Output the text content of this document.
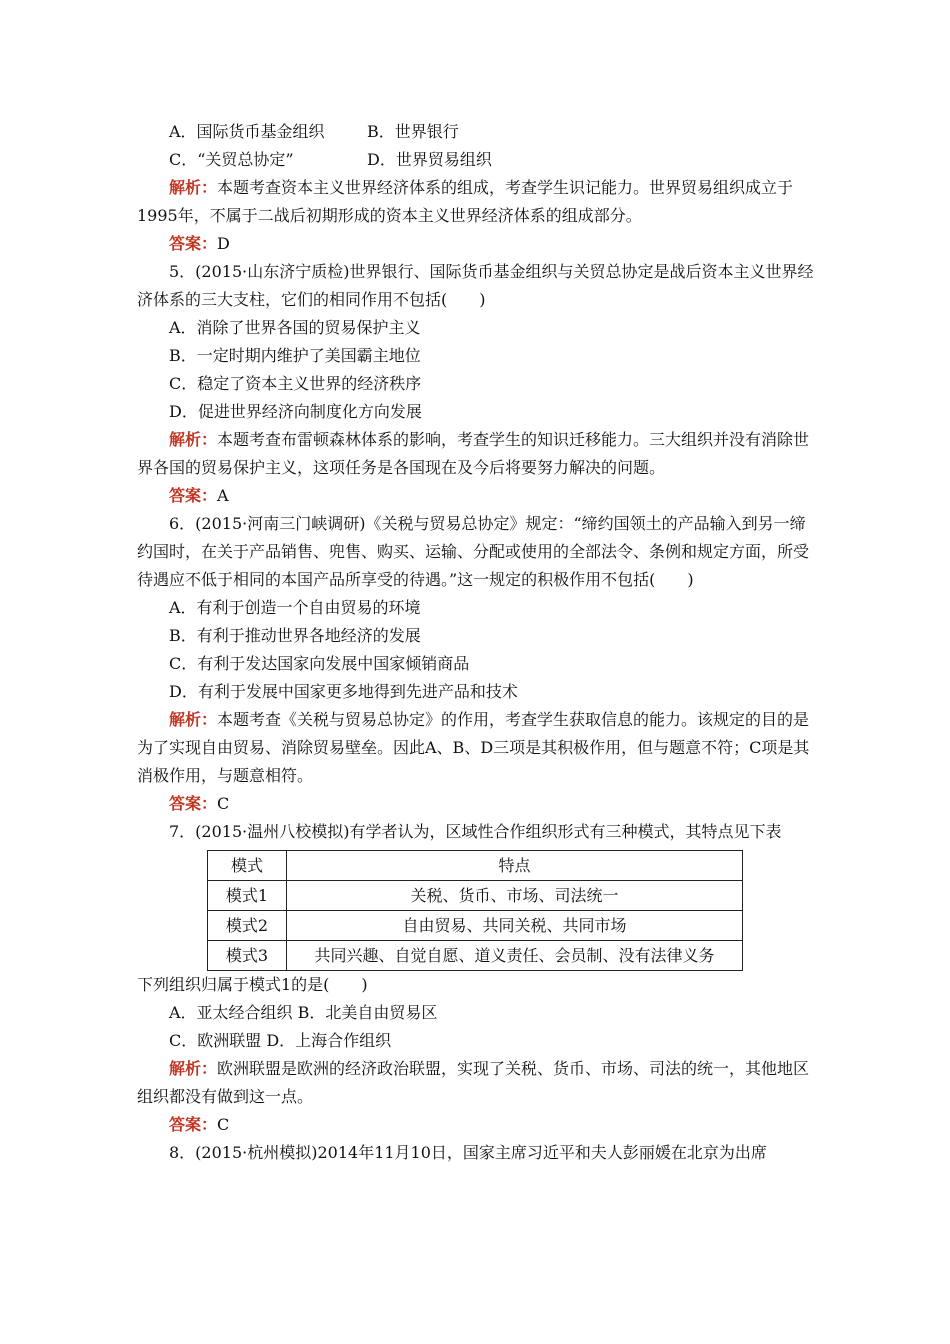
A．国际货币基金组织	B．世界银行
C．“关贸总协定”	D．世界贸易组织
解析：本题考查资本主义世界经济体系的组成，考查学生识记能力。世界贸易组织成立于1995年，不属于二战后初期形成的资本主义世界经济体系的组成部分。
答案：D
5．(2015·山东济宁质检)世界银行、国际货币基金组织与关贸总协定是战后资本主义世界经济体系的三大支柱，它们的相同作用不包括(　　)
A．消除了世界各国的贸易保护主义
B．一定时期内维护了美国霸主地位
C．稳定了资本主义世界的经济秩序
D．促进世界经济向制度化方向发展
解析：本题考查布雷顿森林体系的影响，考查学生的知识迁移能力。三大组织并没有消除世界各国的贸易保护主义，这项任务是各国现在及今后将要努力解决的问题。
答案：A
6．(2015·河南三门峡调研)《关税与贸易总协定》规定：“缔约国领土的产品输入到另一缔约国时，在关于产品销售、兜售、购买、运输、分配或使用的全部法令、条例和规定方面，所受待遇应不低于相同的本国产品所享受的待遇。”这一规定的积极作用不包括(　　)
A．有利于创造一个自由贸易的环境
B．有利于推动世界各地经济的发展
C．有利于发达国家向发展中国家倾销商品
D．有利于发展中国家更多地得到先进产品和技术
解析：本题考查《关税与贸易总协定》的作用，考查学生获取信息的能力。该规定的目的是为了实现自由贸易、消除贸易壁垒。因此A、B、D三项是其积极作用，但与题意不符；C项是其消极作用，与题意相符。
答案：C
7．(2015·温州八校模拟)有学者认为，区域性合作组织形式有三种模式，其特点见下表
模式	特点
模式1	关税、货币、市场、司法统一
模式2	自由贸易、共同关税、共同市场
模式3	共同兴趣、自觉自愿、道义责任、会员制、没有法律义务
下列组织归属于模式1的是(　　)
A．亚太经合组织 B．北美自由贸易区
C．欧洲联盟 D．上海合作组织
解析：欧洲联盟是欧洲的经济政治联盟，实现了关税、货币、市场、司法的统一，其他地区组织都没有做到这一点。
答案：C
8．(2015·杭州模拟)2014年11月10日，国家主席习近平和夫人彭丽媛在北京为出席
